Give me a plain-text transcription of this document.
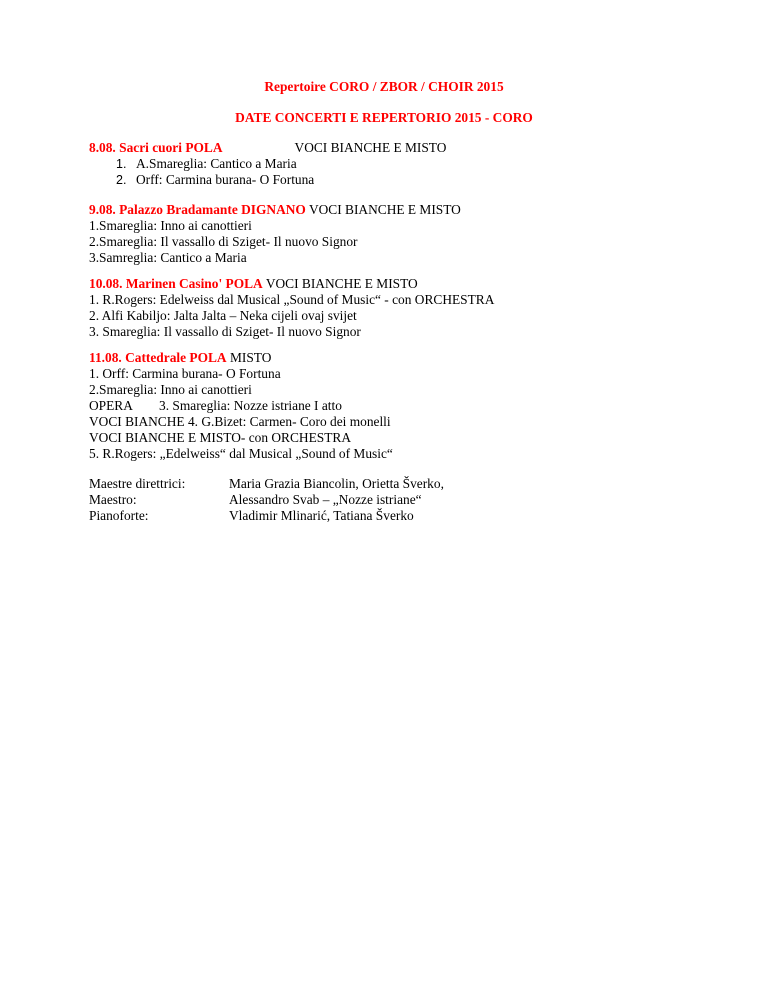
Repertoire CORO / ZBOR / CHOIR 2015
DATE CONCERTI E REPERTORIO 2015 - CORO
8.08. Sacri cuori POLA	VOCI BIANCHE E MISTO
1. A.Smareglia: Cantico a Maria
2. Orff: Carmina burana- O Fortuna
9.08. Palazzo Bradamante DIGNANO VOCI BIANCHE E MISTO
1.Smareglia: Inno ai canottieri
2.Smareglia: Il vassallo di Sziget- Il nuovo Signor
3.Samreglia: Cantico a Maria
10.08. Marinen Casino' POLA VOCI BIANCHE E MISTO
1. R.Rogers: Edelweiss dal Musical „Sound of Music“ - con ORCHESTRA
2. Alfi Kabiljo: Jalta Jalta – Neka cijeli ovaj svijet
3. Smareglia: Il vassallo di Sziget- Il nuovo Signor
11.08. Cattedrale POLA MISTO
1. Orff: Carmina burana- O Fortuna
2.Smareglia: Inno ai canottieri
OPERA 3. Smareglia: Nozze istriane I atto
VOCI BIANCHE 4. G.Bizet: Carmen- Coro dei monelli
VOCI BIANCHE E MISTO- con ORCHESTRA
5. R.Rogers: „Edelweiss“ dal Musical „Sound of Music“
Maestre direttrici:	Maria Grazia Biancolin, Orietta Šverko,
Maestro:	Alessandro Svab – „Nozze istriane“
Pianoforte:	Vladimir Mlinarić, Tatiana Šverko
